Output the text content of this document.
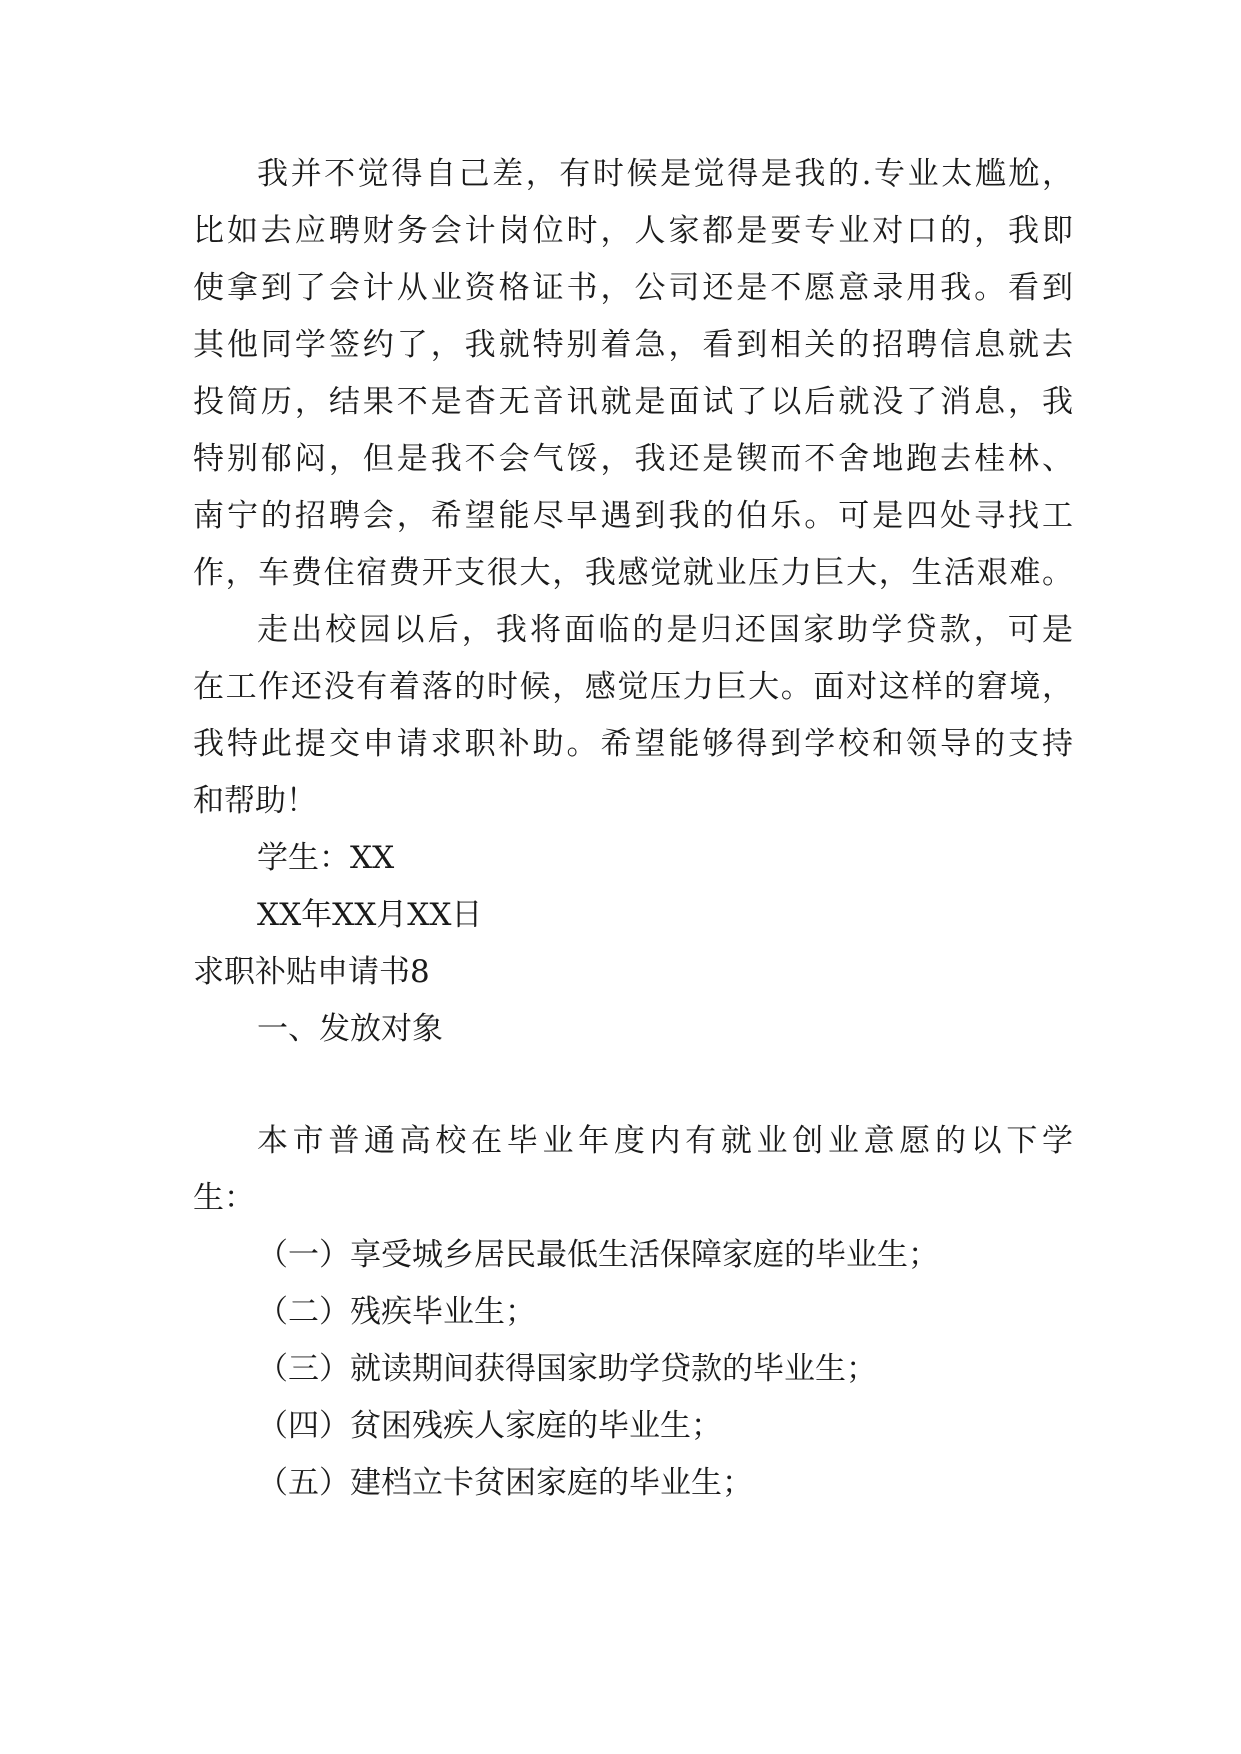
我并不觉得自己差，有时候是觉得是我的.专业太尴尬，
比如去应聘财务会计岗位时，人家都是要专业对口的，我即
使拿到了会计从业资格证书，公司还是不愿意录用我。看到
其他同学签约了，我就特别着急，看到相关的招聘信息就去
投简历，结果不是杳无音讯就是面试了以后就没了消息，我
特别郁闷，但是我不会气馁，我还是锲而不舍地跑去桂林、
南宁的招聘会，希望能尽早遇到我的伯乐。可是四处寻找工
作，车费住宿费开支很大，我感觉就业压力巨大，生活艰难。
走出校园以后，我将面临的是归还国家助学贷款，可是
在工作还没有着落的时候，感觉压力巨大。面对这样的窘境，
我特此提交申请求职补助。希望能够得到学校和领导的支持
和帮助！
学生：XX
XX年XX月XX日
求职补贴申请书8
一、发放对象
本市普通高校在毕业年度内有就业创业意愿的以下学
生：
（一）享受城乡居民最低生活保障家庭的毕业生；
（二）残疾毕业生；
（三）就读期间获得国家助学贷款的毕业生；
（四）贫困残疾人家庭的毕业生；
（五）建档立卡贫困家庭的毕业生；
